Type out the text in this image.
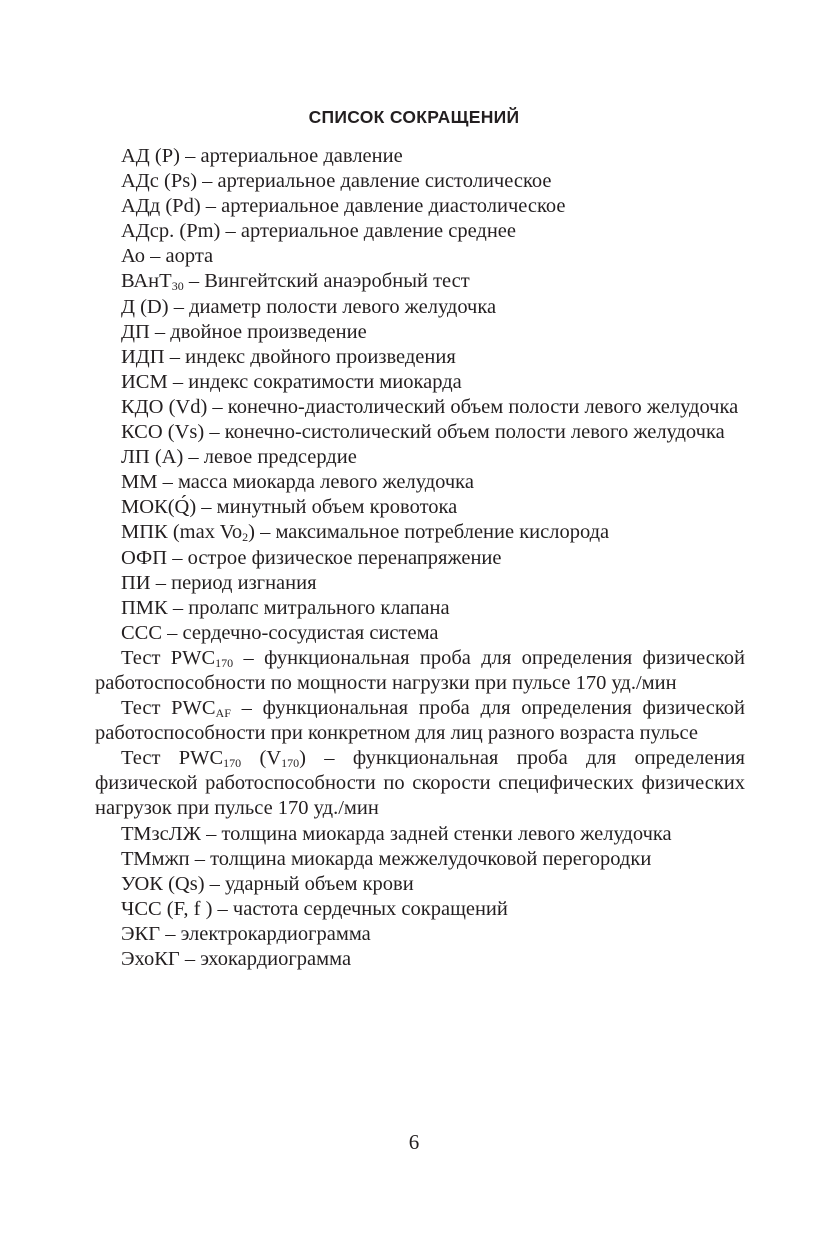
СПИСОК СОКРАЩЕНИЙ

АД (P) – артериальное давление

АДс (Ps) – артериальное давление систолическое

АДд (Pd) – артериальное давление диастолическое

АДср. (Pm) – артериальное давление среднее

Ао – аорта

ВАнТ$_{30}$ – Вингейтский анаэробный тест

Д (D) – диаметр полости левого желудочка

ДП – двойное произведение

ИДП – индекс двойного произведения

ИСМ – индекс сократимости миокарда

КДО (Vd) – конечно-диастолический объем полости левого желудочка

КСО (Vs) – конечно-систолический объем полости левого желудочка

ЛП (A) – левое предсердие

ММ – масса миокарда левого желудочка

МОК(Q́) – минутный объем кровотока

МПК (max $Vo_2$) – максимальное потребление кислорода

ОФП – острое физическое перенапряжение

ПИ – период изгнания

ПМК – пролапс митрального клапана

ССС – сердечно-сосудистая система

Тест $PWC_{170}$ – функциональная проба для определения физической работоспособности по мощности нагрузки при пульсе 170 уд./мин

Тест $PWC_{AF}$ – функциональная проба для определения физической работоспособности при конкретном для лиц разного возраста пульсе

Тест $PWC_{170}$ $(V_{170})$ – функциональная проба для определения физической работоспособности по скорости специфических физических нагрузок при пульсе 170 уд./мин

ТМзсЛЖ – толщина миокарда задней стенки левого желудочка

ТМмжп – толщина миокарда межжелудочковой перегородки

УОК (Qs) – ударный объем крови

ЧСС (F, f ) – частота сердечных сокращений

ЭКГ – электрокардиограмма

ЭхоКГ – эхокардиограмма

6
